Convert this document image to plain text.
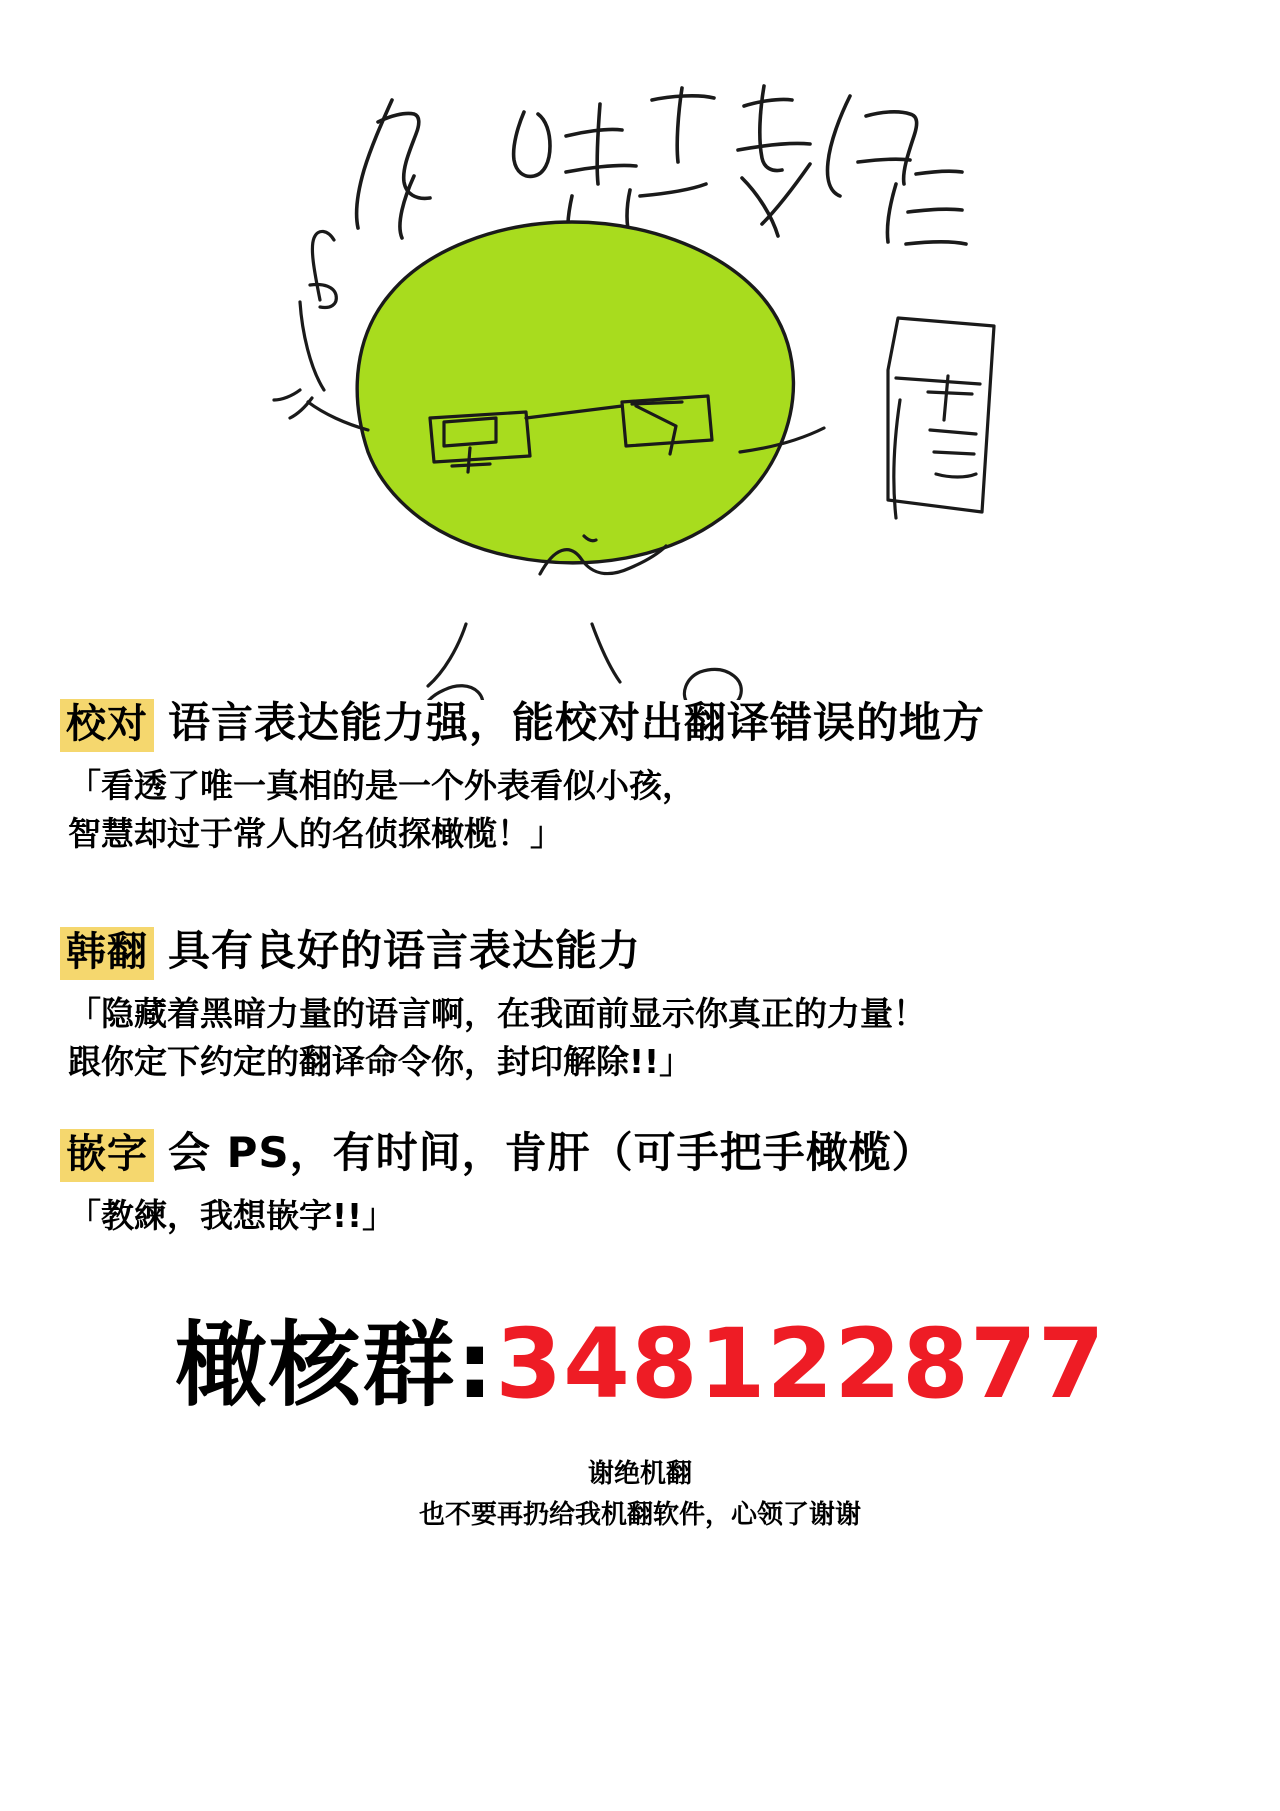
校对 语言表达能力强，能校对出翻译错误的地方
「看透了唯一真相的是一个外表看似小孩，
智慧却过于常人的名侦探橄榄！」
韩翻 具有良好的语言表达能力
「隐藏着黑暗力量的语言啊，在我面前显示你真正的力量！
跟你定下约定的翻译命令你，封印解除!!」
嵌字 会 PS，有时间，肯肝（可手把手橄榄）
「教練，我想嵌字!!」
橄核群:348122877
谢绝机翻
也不要再扔给我机翻软件，心领了谢谢
